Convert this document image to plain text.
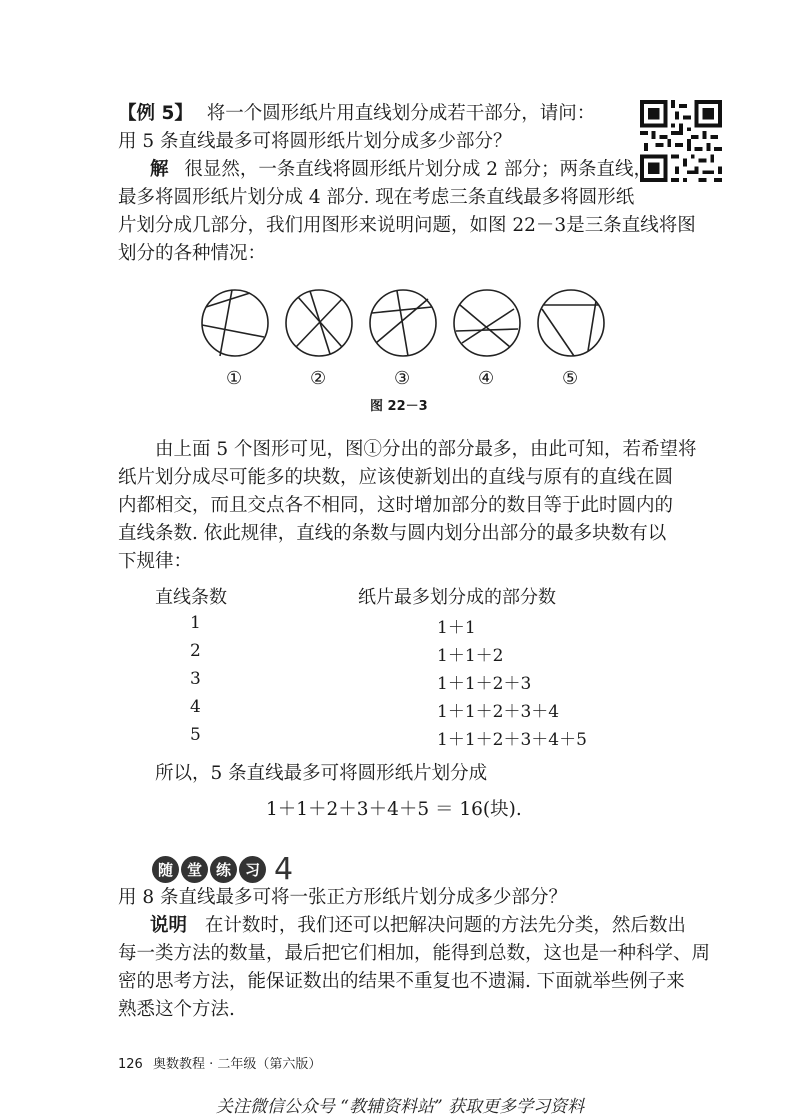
【例 5】 将一个圆形纸片用直线划分成若干部分，请问：
用 5 条直线最多可将圆形纸片划分成多少部分？
解 很显然，一条直线将圆形纸片划分成 2 部分；两条直线，
最多将圆形纸片划分成 4 部分. 现在考虑三条直线最多将圆形纸
片划分成几部分，我们用图形来说明问题，如图 22－3是三条直线将图
划分的各种情况：
①	②	③	④	⑤
图 22－3
由上面 5 个图形可见，图①分出的部分最多，由此可知，若希望将
纸片划分成尽可能多的块数，应该使新划出的直线与原有的直线在圆
内都相交，而且交点各不相同，这时增加部分的数目等于此时圆内的
直线条数. 依此规律，直线的条数与圆内划分出部分的最多块数有以
下规律：
直线条数	纸片最多划分成的部分数
1	1＋1
2	1＋1＋2
3	1＋1＋2＋3
4	1＋1＋2＋3＋4
5	1＋1＋2＋3＋4＋5
所以，5 条直线最多可将圆形纸片划分成
1＋1＋2＋3＋4＋5 ＝ 16(块).
随 堂 练 习 4
用 8 条直线最多可将一张正方形纸片划分成多少部分？
说明 在计数时，我们还可以把解决问题的方法先分类，然后数出
每一类方法的数量，最后把它们相加，能得到总数，这也是一种科学、周
密的思考方法，能保证数出的结果不重复也不遗漏. 下面就举些例子来
熟悉这个方法.
126 奥数教程 · 二年级（第六版）
关注微信公众号 “教辅资料站” 获取更多学习资料
